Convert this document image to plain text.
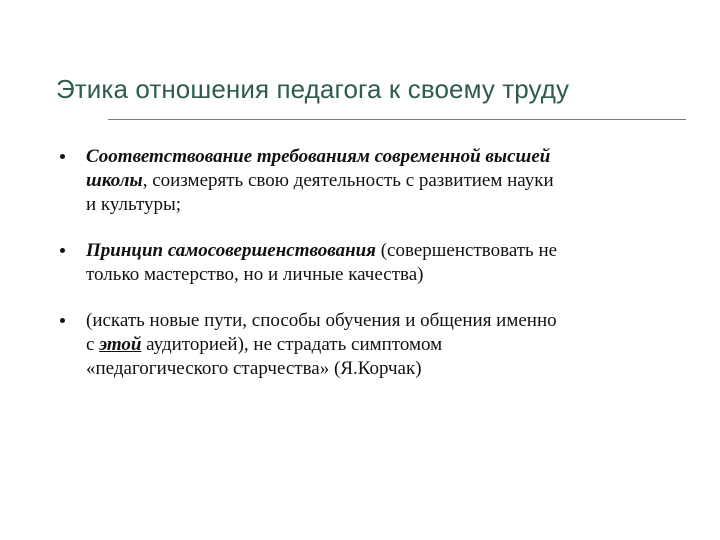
Этика отношения педагога к своему труду
Соответствование требованиям современной высшей
школы, соизмерять свою деятельность с развитием науки
и культуры;
Принцип самосовершенствования (совершенствовать не
только мастерство, но и личные качества)
(искать новые пути, способы обучения и общения именно
с этой аудиторией), не страдать симптомом
«педагогического старчества» (Я.Корчак)
